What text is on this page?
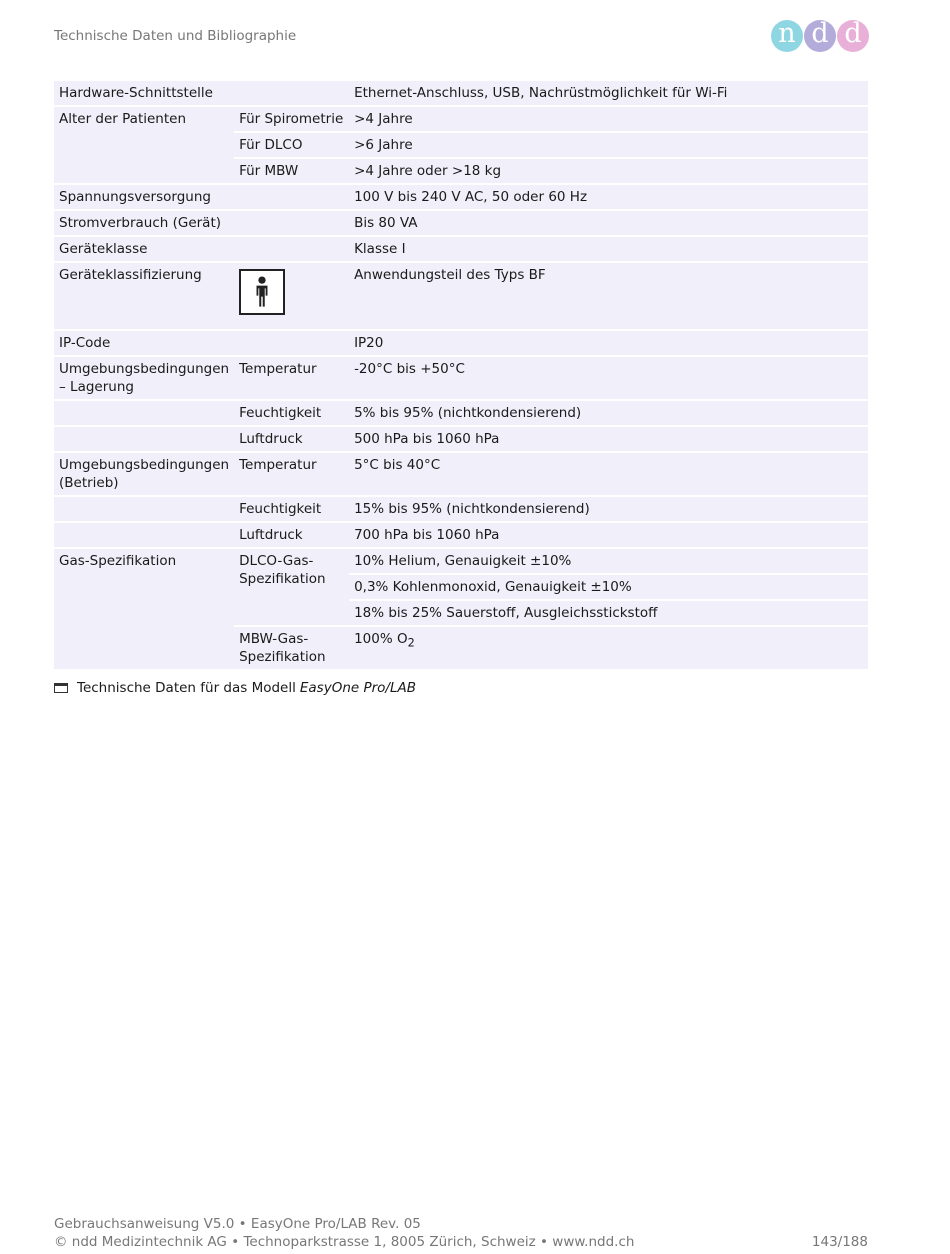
Technische Daten und Bibliographie	n d d
Hardware-Schnittstelle		Ethernet-Anschluss, USB, Nachrüstmöglichkeit für Wi-Fi
Alter der Patienten	Für Spirometrie	>4 Jahre
	Für DLCO	>6 Jahre
	Für MBW	>4 Jahre oder >18 kg
Spannungsversorgung		100 V bis 240 V AC, 50 oder 60 Hz
Stromverbrauch (Gerät)		Bis 80 VA
Geräteklasse		Klasse I
Geräteklassifizierung		Anwendungsteil des Typs BF
IP-Code		IP20
Umgebungsbedingungen – Lagerung	Temperatur	-20°C bis +50°C
	Feuchtigkeit	5% bis 95% (nichtkondensierend)
	Luftdruck	500 hPa bis 1060 hPa
Umgebungsbedingungen (Betrieb)	Temperatur	5°C bis 40°C
	Feuchtigkeit	15% bis 95% (nichtkondensierend)
	Luftdruck	700 hPa bis 1060 hPa
Gas-Spezifikation	DLCO-Gas-Spezifikation	10% Helium, Genauigkeit ±10%
		0,3% Kohlenmonoxid, Genauigkeit ±10%
		18% bis 25% Sauerstoff, Ausgleichsstickstoff
	MBW-Gas-Spezifikation	100% $O_2$
Technische Daten für das Modell EasyOne Pro/LAB
Gebrauchsanweisung V5.0 • EasyOne Pro/LAB Rev. 05
© ndd Medizintechnik AG • Technoparkstrasse 1, 8005 Zürich, Schweiz • www.ndd.ch	143/188
